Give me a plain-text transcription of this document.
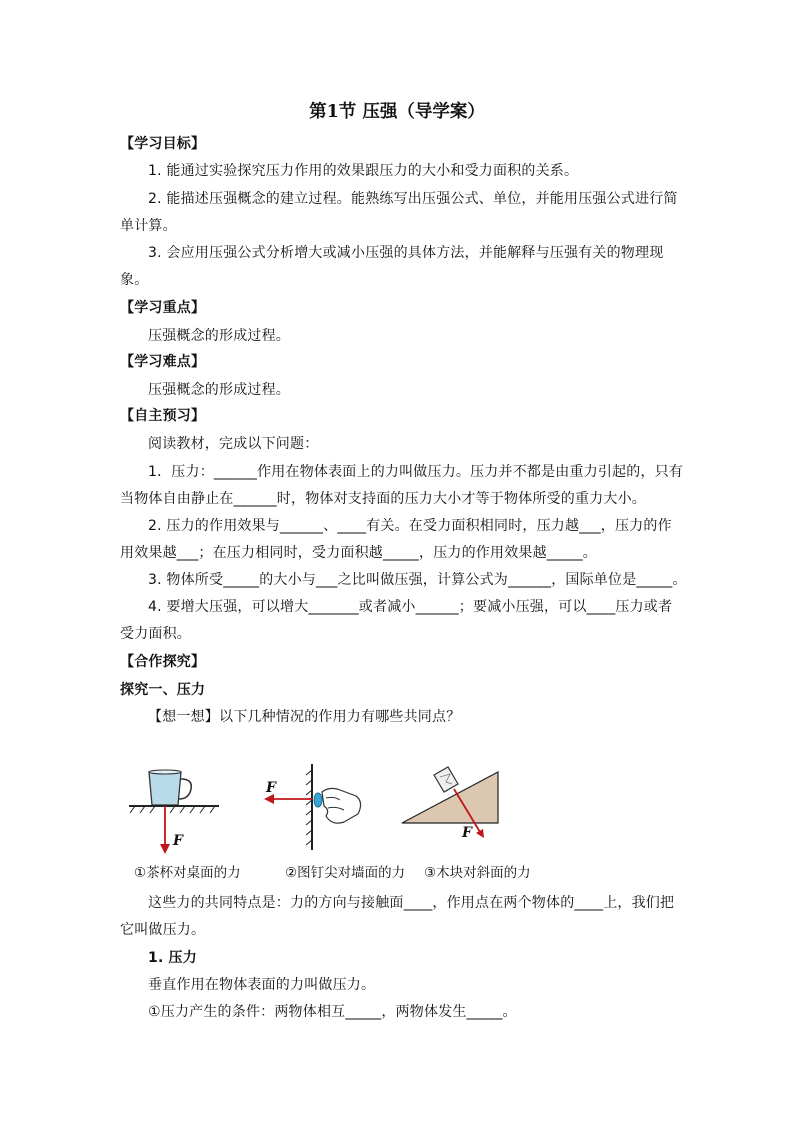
第1节 压强（导学案）
【学习目标】
1. 能通过实验探究压力作用的效果跟压力的大小和受力面积的关系。
2. 能描述压强概念的建立过程。能熟练写出压强公式、单位，并能用压强公式进行简
单计算。
3. 会应用压强公式分析增大或减小压强的具体方法，并能解释与压强有关的物理现
象。
【学习重点】
压强概念的形成过程。
【学习难点】
压强概念的形成过程。
【自主预习】
阅读教材，完成以下问题：
1．压力：______作用在物体表面上的力叫做压力。压力并不都是由重力引起的，只有
当物体自由静止在______时，物体对支持面的压力大小才等于物体所受的重力大小。
2. 压力的作用效果与______、____有关。在受力面积相同时，压力越___，压力的作
用效果越___；在压力相同时，受力面积越_____，压力的作用效果越_____。
3. 物体所受_____的大小与___之比叫做压强，计算公式为______，国际单位是_____。
4. 要增大压强，可以增大_______或者减小______；要减小压强，可以____压力或者
受力面积。
【合作探究】
探究一、压力
【想一想】以下几种情况的作用力有哪些共同点？
F
F
F
①茶杯对桌面的力	②图钉尖对墙面的力 ③木块对斜面的力
这些力的共同特点是：力的方向与接触面____，作用点在两个物体的____上，我们把
它叫做压力。
1. 压力
垂直作用在物体表面的力叫做压力。
①压力产生的条件：两物体相互_____，两物体发生_____。
